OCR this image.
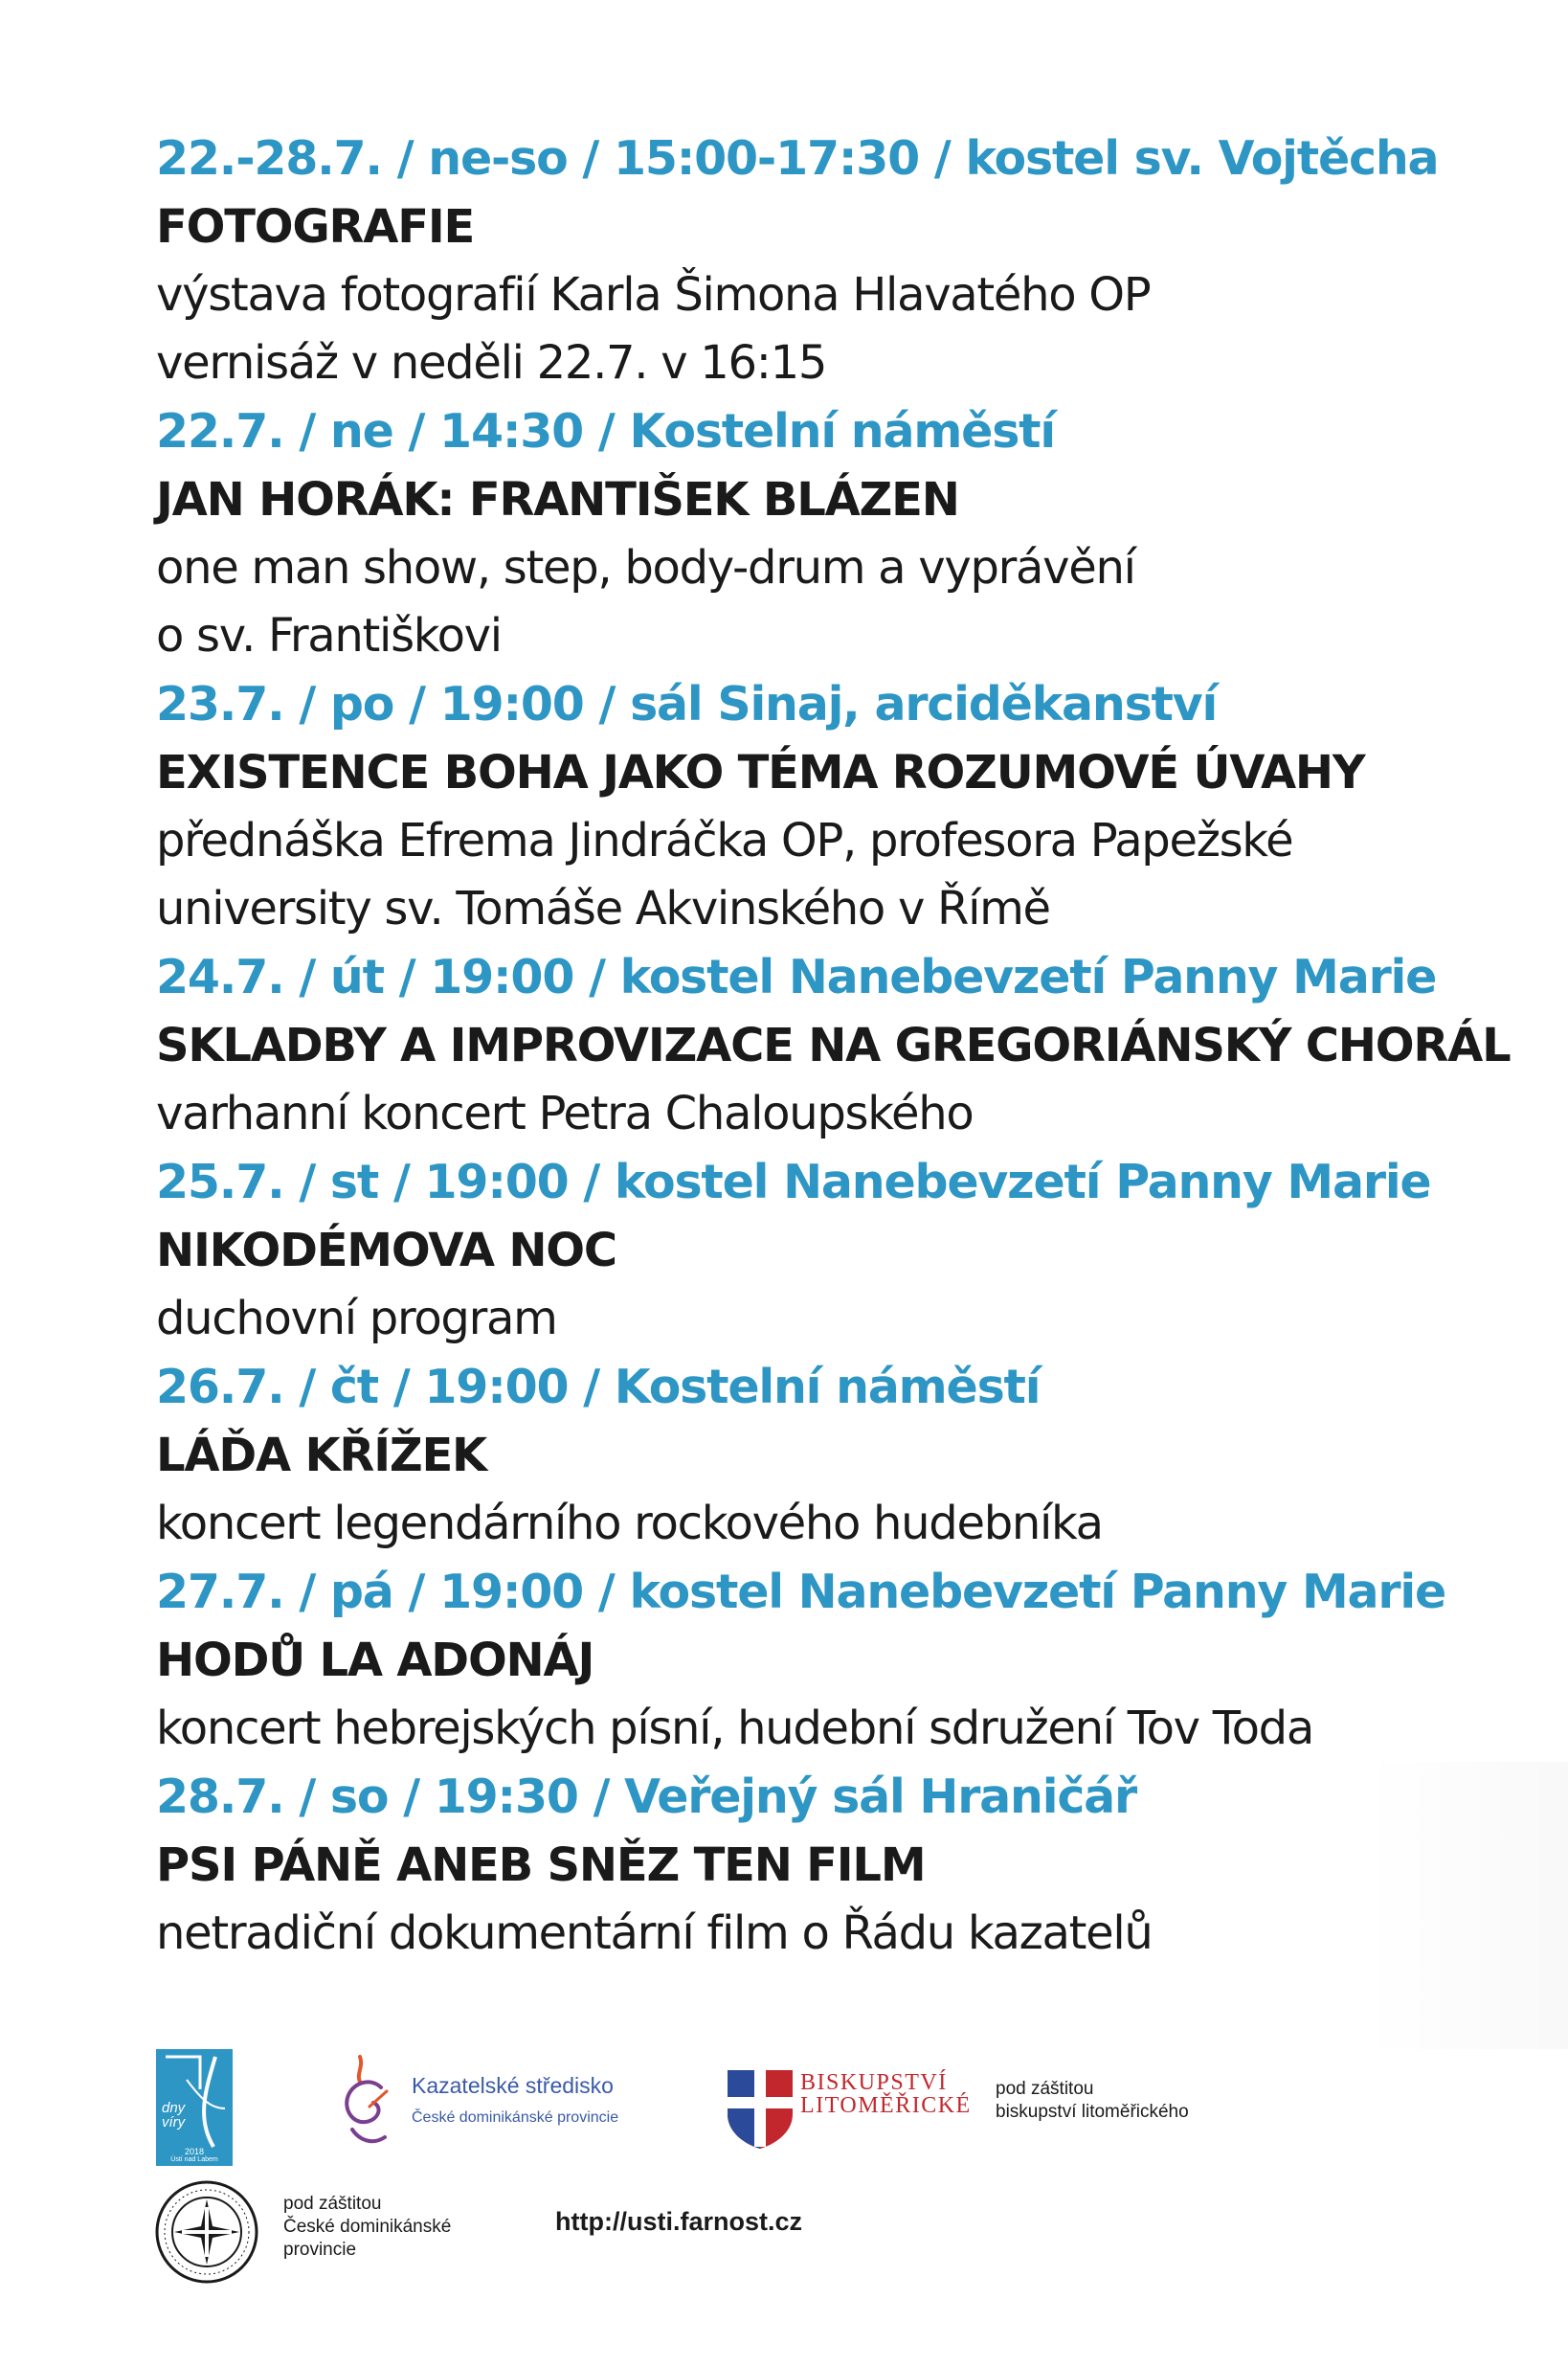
22.-28.7. / ne-so / 15:00-17:30 / kostel sv. Vojtěcha
FOTOGRAFIE
výstava fotografií Karla Šimona Hlavatého OP
vernisáž v neděli 22.7. v 16:15
22.7. / ne / 14:30 / Kostelní náměstí
JAN HORÁK: FRANTIŠEK BLÁZEN
one man show, step, body-drum a vyprávění
o sv. Františkovi
23.7. / po / 19:00 / sál Sinaj, arciděkanství
EXISTENCE BOHA JAKO TÉMA ROZUMOVÉ ÚVAHY
přednáška Efrema Jindráčka OP, profesora Papežské
university sv. Tomáše Akvinského v Římě
24.7. / út / 19:00 / kostel Nanebevzetí Panny Marie
SKLADBY A IMPROVIZACE NA GREGORIÁNSKÝ CHORÁL
varhanní koncert Petra Chaloupského
25.7. / st / 19:00 / kostel Nanebevzetí Panny Marie
NIKODÉMOVA NOC
duchovní program
26.7. / čt / 19:00 / Kostelní náměstí
LÁĎA KŘÍŽEK
koncert legendárního rockového hudebníka
27.7. / pá / 19:00 / kostel Nanebevzetí Panny Marie
HODŮ LA ADONÁJ
koncert hebrejských písní, hudební sdružení Tov Toda
28.7. / so / 19:30 / Veřejný sál Hraničář
PSI PÁNĚ ANEB SNĚZ TEN FILM
netradiční dokumentární film o Řádu kazatelů
dny
víry
2018
Ústí nad Labem
Kazatelské středisko
České dominikánské provincie
BISKUPSTVÍ
LITOMĚŘICKÉ
pod záštitou
biskupství litoměřického
pod záštitou
České dominikánské
provincie
http://usti.farnost.cz
